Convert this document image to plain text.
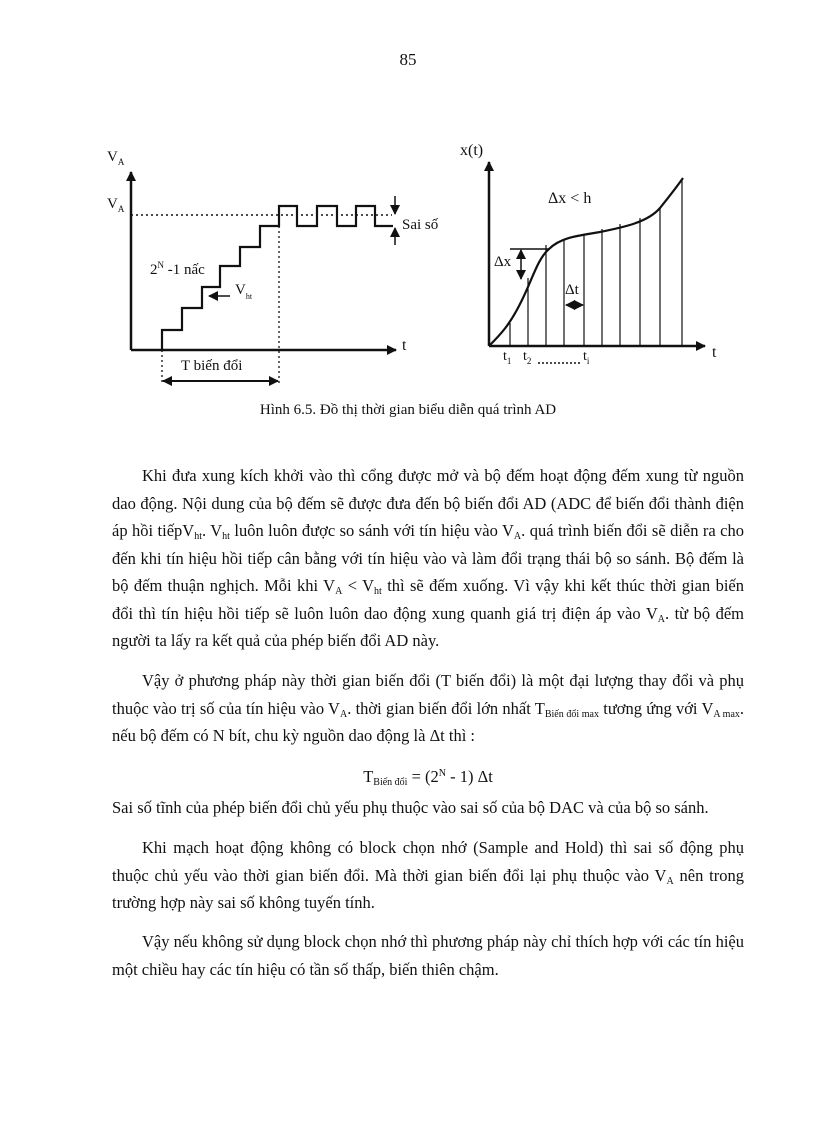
85
$V_A$
$V_A$
Sai số
$2^N$ -1 nấc
$V_{ht}$
t
T biến đổi
x(t)
Δx < h
Δx
Δt
t
$t_1$ $t_2$	$t_i$
Hình 6.5. Đồ thị thời gian biểu diễn quá trình AD

Khi đưa xung kích khởi vào thì cổng được mở và bộ đếm hoạt động đếm xung từ nguồn dao động. Nội dung của bộ đếm sẽ được đưa đến bộ biến đổi AD (ADC để biến đổi thành điện áp hồi tiếpV$_{ht}$. $V_{ht}$ luôn luôn được so sánh với tín hiệu vào $V_A$. quá trình biến đổi sẽ diễn ra cho đến khi tín hiệu hồi tiếp cân bằng với tín hiệu vào và làm đổi trạng thái bộ so sánh. Bộ đếm là bộ đếm thuận nghịch. Mỗi khi $V_A < V_{ht}$ thì sẽ đếm xuống. Vì vậy khi kết thúc thời gian biến đổi thì tín hiệu hồi tiếp sẽ luôn luôn dao động xung quanh giá trị điện áp vào $V_A$. từ bộ đếm người ta lấy ra kết quả của phép biến đổi AD này.

Vậy ở phương pháp này thời gian biến đổi (T biến đổi) là một đại lượng thay đổi và phụ thuộc vào trị số của tín hiệu vào $V_A$. thời gian biến đổi lớn nhất $T_{Biến đổi max}$ tương ứng với $V_{A max}$. nếu bộ đếm có N bít, chu kỳ nguồn dao động là Δt thì :

$T_{Biến đổi} = (2^N - 1)$ Δt

Sai số tĩnh của phép biến đổi chủ yếu phụ thuộc vào sai số của bộ DAC và của bộ so sánh.

Khi mạch hoạt động không có block chọn nhớ (Sample and Hold) thì sai số động phụ thuộc chủ yếu vào thời gian biến đổi. Mà thời gian biến đổi lại phụ thuộc vào $V_A$ nên trong trường hợp này sai số không tuyến tính.

Vậy nếu không sử dụng block chọn nhớ thì phương pháp này chỉ thích hợp với các tín hiệu một chiều hay các tín hiệu có tần số thấp, biến thiên chậm.
